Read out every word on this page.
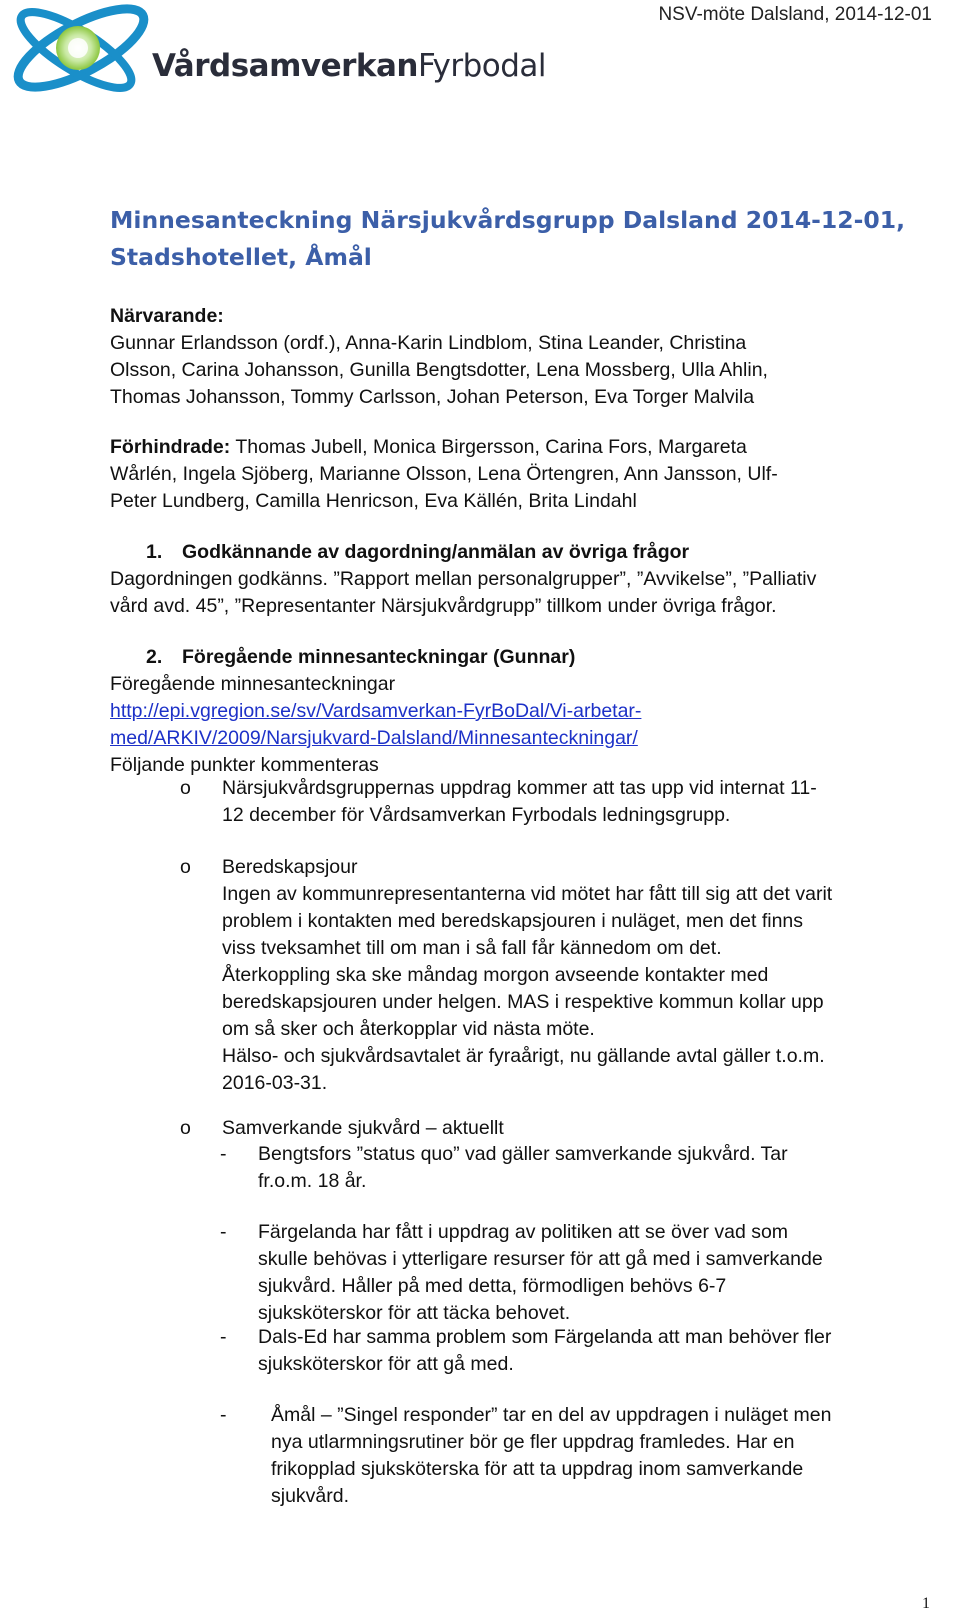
NSV-möte Dalsland, 2014-12-01
VårdsamverkanFyrbodal
Minnesanteckning Närsjukvårdsgrupp Dalsland 2014-12-01,
Stadshotellet, Åmål
Närvarande:
Gunnar Erlandsson (ordf.), Anna-Karin Lindblom, Stina Leander, Christina
Olsson, Carina Johansson, Gunilla Bengtsdotter, Lena Mossberg, Ulla Ahlin,
Thomas Johansson, Tommy Carlsson, Johan Peterson, Eva Torger Malvila
Förhindrade: Thomas Jubell, Monica Birgersson, Carina Fors, Margareta
Wårlén, Ingela Sjöberg, Marianne Olsson, Lena Örtengren, Ann Jansson, Ulf-
Peter Lundberg, Camilla Henricson, Eva Källén, Brita Lindahl
1. Godkännande av dagordning/anmälan av övriga frågor
Dagordningen godkänns. ”Rapport mellan personalgrupper”, ”Avvikelse”, ”Palliativ
vård avd. 45”, ”Representanter Närsjukvårdgrupp” tillkom under övriga frågor.
2. Föregående minnesanteckningar (Gunnar)
Föregående minnesanteckningar
http://epi.vgregion.se/sv/Vardsamverkan-FyrBoDal/Vi-arbetar-
med/ARKIV/2009/Narsjukvard-Dalsland/Minnesanteckningar/
Följande punkter kommenteras
o Närsjukvårdsgruppernas uppdrag kommer att tas upp vid internat 11-
12 december för Vårdsamverkan Fyrbodals ledningsgrupp.
o Beredskapsjour
Ingen av kommunrepresentanterna vid mötet har fått till sig att det varit
problem i kontakten med beredskapsjouren i nuläget, men det finns
viss tveksamhet till om man i så fall får kännedom om det.
Återkoppling ska ske måndag morgon avseende kontakter med
beredskapsjouren under helgen. MAS i respektive kommun kollar upp
om så sker och återkopplar vid nästa möte.
Hälso- och sjukvårdsavtalet är fyraårigt, nu gällande avtal gäller t.o.m.
2016-03-31.
o Samverkande sjukvård – aktuellt
- Bengtsfors ”status quo” vad gäller samverkande sjukvård. Tar
fr.o.m. 18 år.
- Färgelanda har fått i uppdrag av politiken att se över vad som
skulle behövas i ytterligare resurser för att gå med i samverkande
sjukvård. Håller på med detta, förmodligen behövs 6-7
sjuksköterskor för att täcka behovet.
- Dals-Ed har samma problem som Färgelanda att man behöver fler
sjuksköterskor för att gå med.
- Åmål – ”Singel responder” tar en del av uppdragen i nuläget men
nya utlarmningsrutiner bör ge fler uppdrag framledes. Har en
frikopplad sjuksköterska för att ta uppdrag inom samverkande
sjukvård.
1
